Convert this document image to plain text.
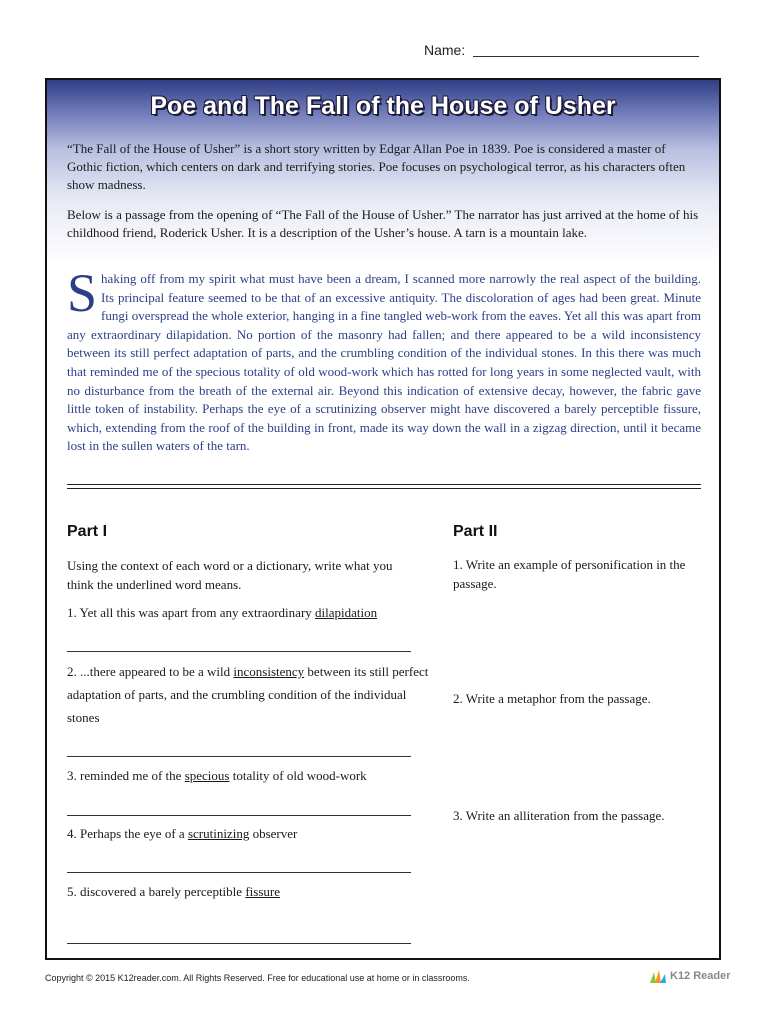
Name:
Poe and The Fall of the House of Usher
“The Fall of the House of Usher” is a short story written by Edgar Allan Poe in 1839. Poe is considered a master of Gothic fiction, which centers on dark and terrifying stories. Poe focuses on psychological terror, as his characters often show madness.
Below is a passage from the opening of “The Fall of the House of Usher.” The narrator has just arrived at the home of his childhood friend, Roderick Usher. It is a description of the Usher’s house. A tarn is a mountain lake.
Shaking off from my spirit what must have been a dream, I scanned more narrowly the real aspect of the building. Its principal feature seemed to be that of an excessive antiquity. The discoloration of ages had been great. Minute fungi overspread the whole exterior, hanging in a fine tangled web-work from the eaves. Yet all this was apart from any extraordinary dilapidation. No portion of the masonry had fallen; and there appeared to be a wild inconsistency between its still perfect adaptation of parts, and the crumbling condition of the individual stones. In this there was much that reminded me of the specious totality of old wood-work which has rotted for long years in some neglected vault, with no disturbance from the breath of the external air. Beyond this indication of extensive decay, however, the fabric gave little token of instability. Perhaps the eye of a scrutinizing observer might have discovered a barely perceptible fissure, which, extending from the roof of the building in front, made its way down the wall in a zigzag direction, until it became lost in the sullen waters of the tarn.
Part I
Using the context of each word or a dictionary, write what you think the underlined word means.
1. Yet all this was apart from any extraordinary dilapidation
2. ...there appeared to be a wild inconsistency between its still perfect adaptation of parts, and the crumbling condition of the individual stones
3. reminded me of the specious totality of old wood-work
4. Perhaps the eye of a scrutinizing observer
5. discovered a barely perceptible fissure
Part II
1. Write an example of personification in the passage.
2. Write a metaphor from the passage.
3. Write an alliteration from the passage.
Copyright © 2015 K12reader.com. All Rights Reserved. Free for educational use at home or in classrooms.	K12 Reader
